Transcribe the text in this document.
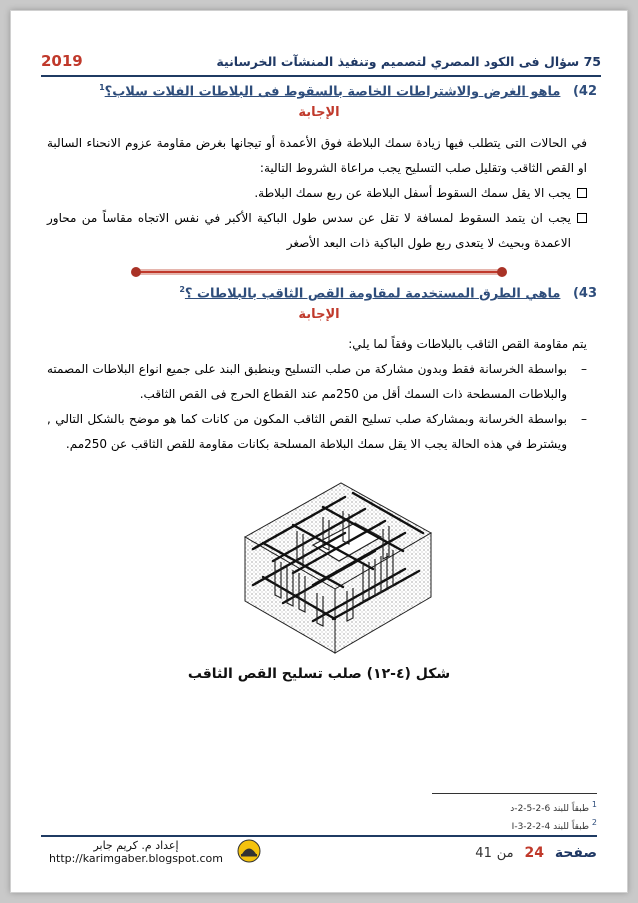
2019	75 سؤال فى الكود المصري لتصميم وتنفيذ المنشآت الخرسانية
42) ماهو الغرض والاشتراطات الخاصة بالسقوط فى البلاطات الفلات سلاب؟$^1$
الإجابة
في الحالات التى يتطلب فيها زيادة سمك البلاطة فوق الأعمدة أو تيجانها بغرض مقاومة عزوم الانحناء السالبة او القص الثاقب وتقليل صلب التسليح يجب مراعاة الشروط التالية:
يجب الا يقل سمك السقوط أسفل البلاطة عن ربع سمك البلاطة.
يجب ان يتمد السقوط لمسافة لا تقل عن سدس طول الباكية الأكبر في نفس الاتجاه مقاساً من محاور الاعمدة وبحيث لا يتعدى ربع طول الباكية ذات البعد الأصغر
43) ماهي الطرق المستخدمة لمقاومة القص الثاقب بالبلاطات ؟$^2$
الإجابة
يتم مقاومة القص الثاقب بالبلاطات وفقاً لما يلي:
–
بواسطة الخرسانة فقط وبدون مشاركة من صلب التسليح وينطبق البند على جميع انواع البلاطات المصمته والبلاطات المسطحة ذات السمك أقل من 250مم عند القطاع الحرج فى القص الثاقب.
–
بواسطة الخرسانة وبمشاركة صلب تسليح القص الثاقب المكون من كانات كما هو موضح بالشكل التالي , ويشترط في هذه الحالة يجب الا يقل سمك البلاطة المسلحة بكانات مقاومة للقص الثاقب عن 250مم.
شكل (٤-١٢) صلب تسليح القص الثاقب
1 طبقاً للبند 6-2-5-2-د
2 طبقاً للبند 4-2-2-3-I
صفحة 24 من 41
إعداد م. كريم جابر
http://karimgaber.blogspot.com
